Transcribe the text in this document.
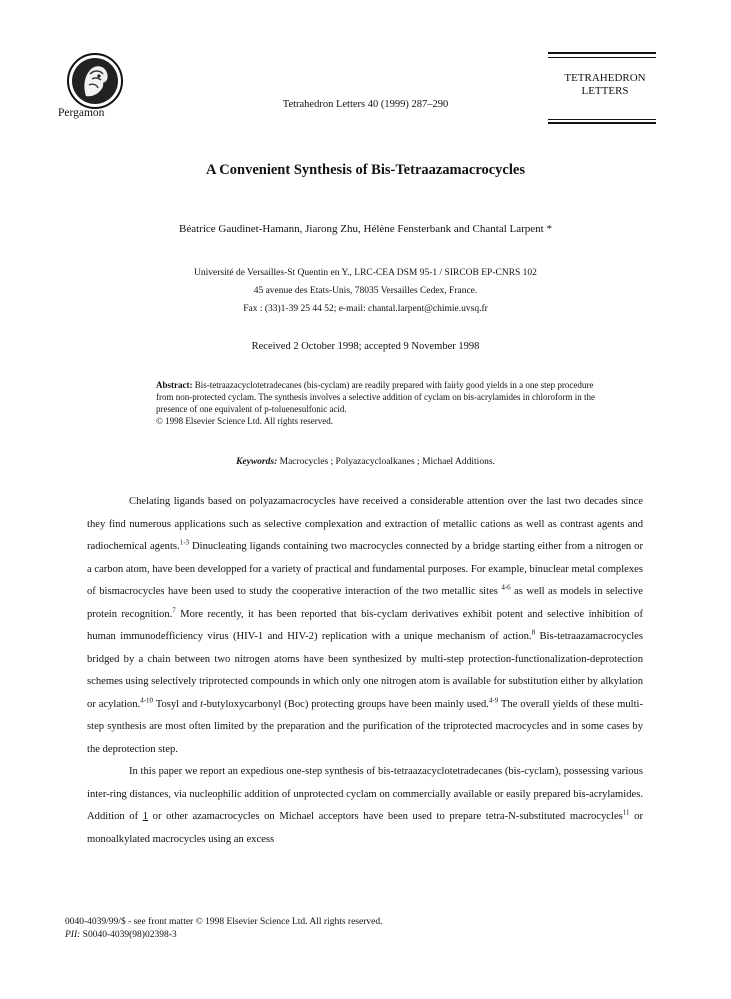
Pergamon
Tetrahedron Letters 40 (1999) 287–290
TETRAHEDRON
LETTERS
A Convenient Synthesis of Bis-Tetraazamacrocycles
Béatrice Gaudinet-Hamann, Jiarong Zhu, Hélène Fensterbank and Chantal Larpent *
Université de Versailles-St Quentin en Y., LRC-CEA DSM 95-1 / SIRCOB EP-CNRS 102
45 avenue des Etats-Unis, 78035 Versailles Cedex, France.
Fax : (33)1-39 25 44 52; e-mail: chantal.larpent@chimie.uvsq.fr
Received 2 October 1998; accepted 9 November 1998
Abstract: Bis-tetraazacyclotetradecanes (bis-cyclam) are readily prepared with fairly good yields in a one step procedure from non-protected cyclam. The synthesis involves a selective addition of cyclam on bis-acrylamides in chloroform in the presence of one equivalent of p-toluenesulfonic acid.
© 1998 Elsevier Science Ltd. All rights reserved.
Keywords: Macrocycles ; Polyazacycloalkanes ; Michael Additions.

Chelating ligands based on polyazamacrocycles have received a considerable attention over the last two decades since they find numerous applications such as selective complexation and extraction of metallic cations as well as contrast agents and radiochemical agents.$^{1-3}$ Dinucleating ligands containing two macrocycles connected by a bridge starting either from a nitrogen or a carbon atom, have been developped for a variety of practical and fundamental purposes. For example, binuclear metal complexes of bismacrocycles have been used to study the cooperative interaction of the two metallic sites $^{4-6}$ as well as models in selective protein recognition.$^7$ More recently, it has been reported that bis-cyclam derivatives exhibit potent and selective inhibition of human immunodefficiency virus (HIV-1 and HIV-2) replication with a unique mechanism of action.$^8$ Bis-tetraazamacrocycles bridged by a chain between two nitrogen atoms have been synthesized by multi-step protection-functionalization-deprotection schemes using selectively triprotected compounds in which only one nitrogen atom is available for substitution either by alkylation or acylation.$^{4-10}$ Tosyl and t-butyloxycarbonyl (Boc) protecting groups have been mainly used.$^{4-9}$ The overall yields of these multi-step synthesis are most often limited by the preparation and the purification of the triprotected macrocycles and in some cases by the deprotection step.

In this paper we report an expedious one-step synthesis of bis-tetraazacyclotetradecanes (bis-cyclam), possessing various inter-ring distances, via nucleophilic addition of unprotected cyclam on commercially available or easily prepared bis-acrylamides. Addition of 1 or other azamacrocycles on Michael acceptors have been used to prepare tetra-N-substituted macrocycles$^{11}$ or monoalkylated macrocycles using an excess

0040-4039/99/$ - see front matter © 1998 Elsevier Science Ltd. All rights reserved.
PII: S0040-4039(98)02398-3
